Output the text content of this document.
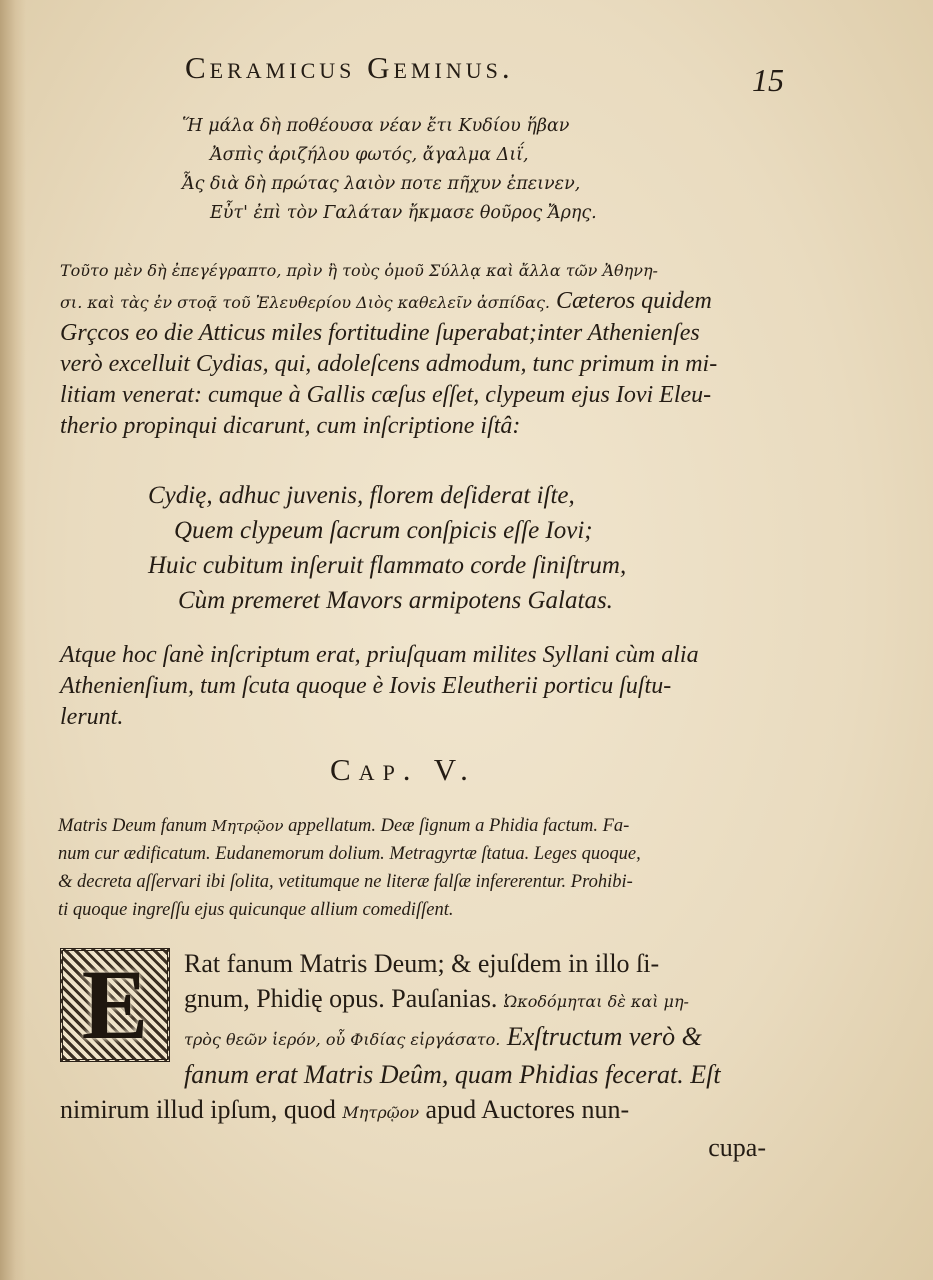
Ceramicus Geminus.	15
Ἥ μάλα δὴ ποθέουσα νέαν ἔτι Κυδίου ἥβαν
Ἀσπὶς ἀριζήλου φωτός, ἄγαλμα Διΐ,
Ἇς διὰ δὴ πρώτας λαιὸν ποτε πῆχυν ἐπεινεν,
Εὖτ' ἐπὶ τὸν Γαλάταν ἤκμασε θοῦρος Ἄρης.
Τοῦτο μὲν δὴ ἐπεγέγραπτο, πρὶν ἢ τοὺς ὁμοῦ Σύλλᾳ καὶ ἄλλα τῶν Ἀθηνη-
σι. καὶ τὰς ἐν στοᾷ τοῦ Ἐλευθερίου Διὸς καθελεῖν ἀσπίδας. Cæteros quidem
Grçcos eo die Atticus miles fortitudine ſuperabat;inter Athenienſes
verò excelluit Cydias, qui, adoleſcens admodum, tunc primum in mi-
litiam venerat: cumque à Gallis cæſus eſſet, clypeum ejus Iovi Eleu-
therio propinqui dicarunt, cum inſcriptione iſtâ:
Cydię, adhuc juvenis, florem deſiderat iſte,
Quem clypeum ſacrum conſpicis eſſe Iovi;
Huic cubitum inſeruit flammato corde ſiniſtrum,
Cùm premeret Mavors armipotens Galatas.
Atque hoc ſanè inſcriptum erat, priuſquam milites Syllani cùm alia
Athenienſium, tum ſcuta quoque è Iovis Eleutherii porticu ſuſtu-
lerunt.
Cap. V.
Matris Deum fanum Μητρῷον appellatum. Deæ ſignum a Phidia factum. Fa-
num cur ædificatum. Eudanemorum dolium. Metragyrtæ ſtatua. Leges quoque,
& decreta aſſervari ibi ſolita, vetitumque ne literæ falſæ infererentur. Prohibi-
ti quoque ingreſſu ejus quicunque allium comediſſent.
E	Rat fanum Matris Deum; & ejuſdem in illo ſi-
gnum, Phidię opus. Pauſanias. Ὠκοδόμηται δὲ καὶ μη-
τρὸς θεῶν ἱερόν, οὗ Φιδίας εἰργάσατο. Exſtructum verò &
fanum erat Matris Deûm, quam Phidias fecerat. Eſt
nimirum illud ipſum, quod Μητρῷον apud Auctores nun-
cupa-
